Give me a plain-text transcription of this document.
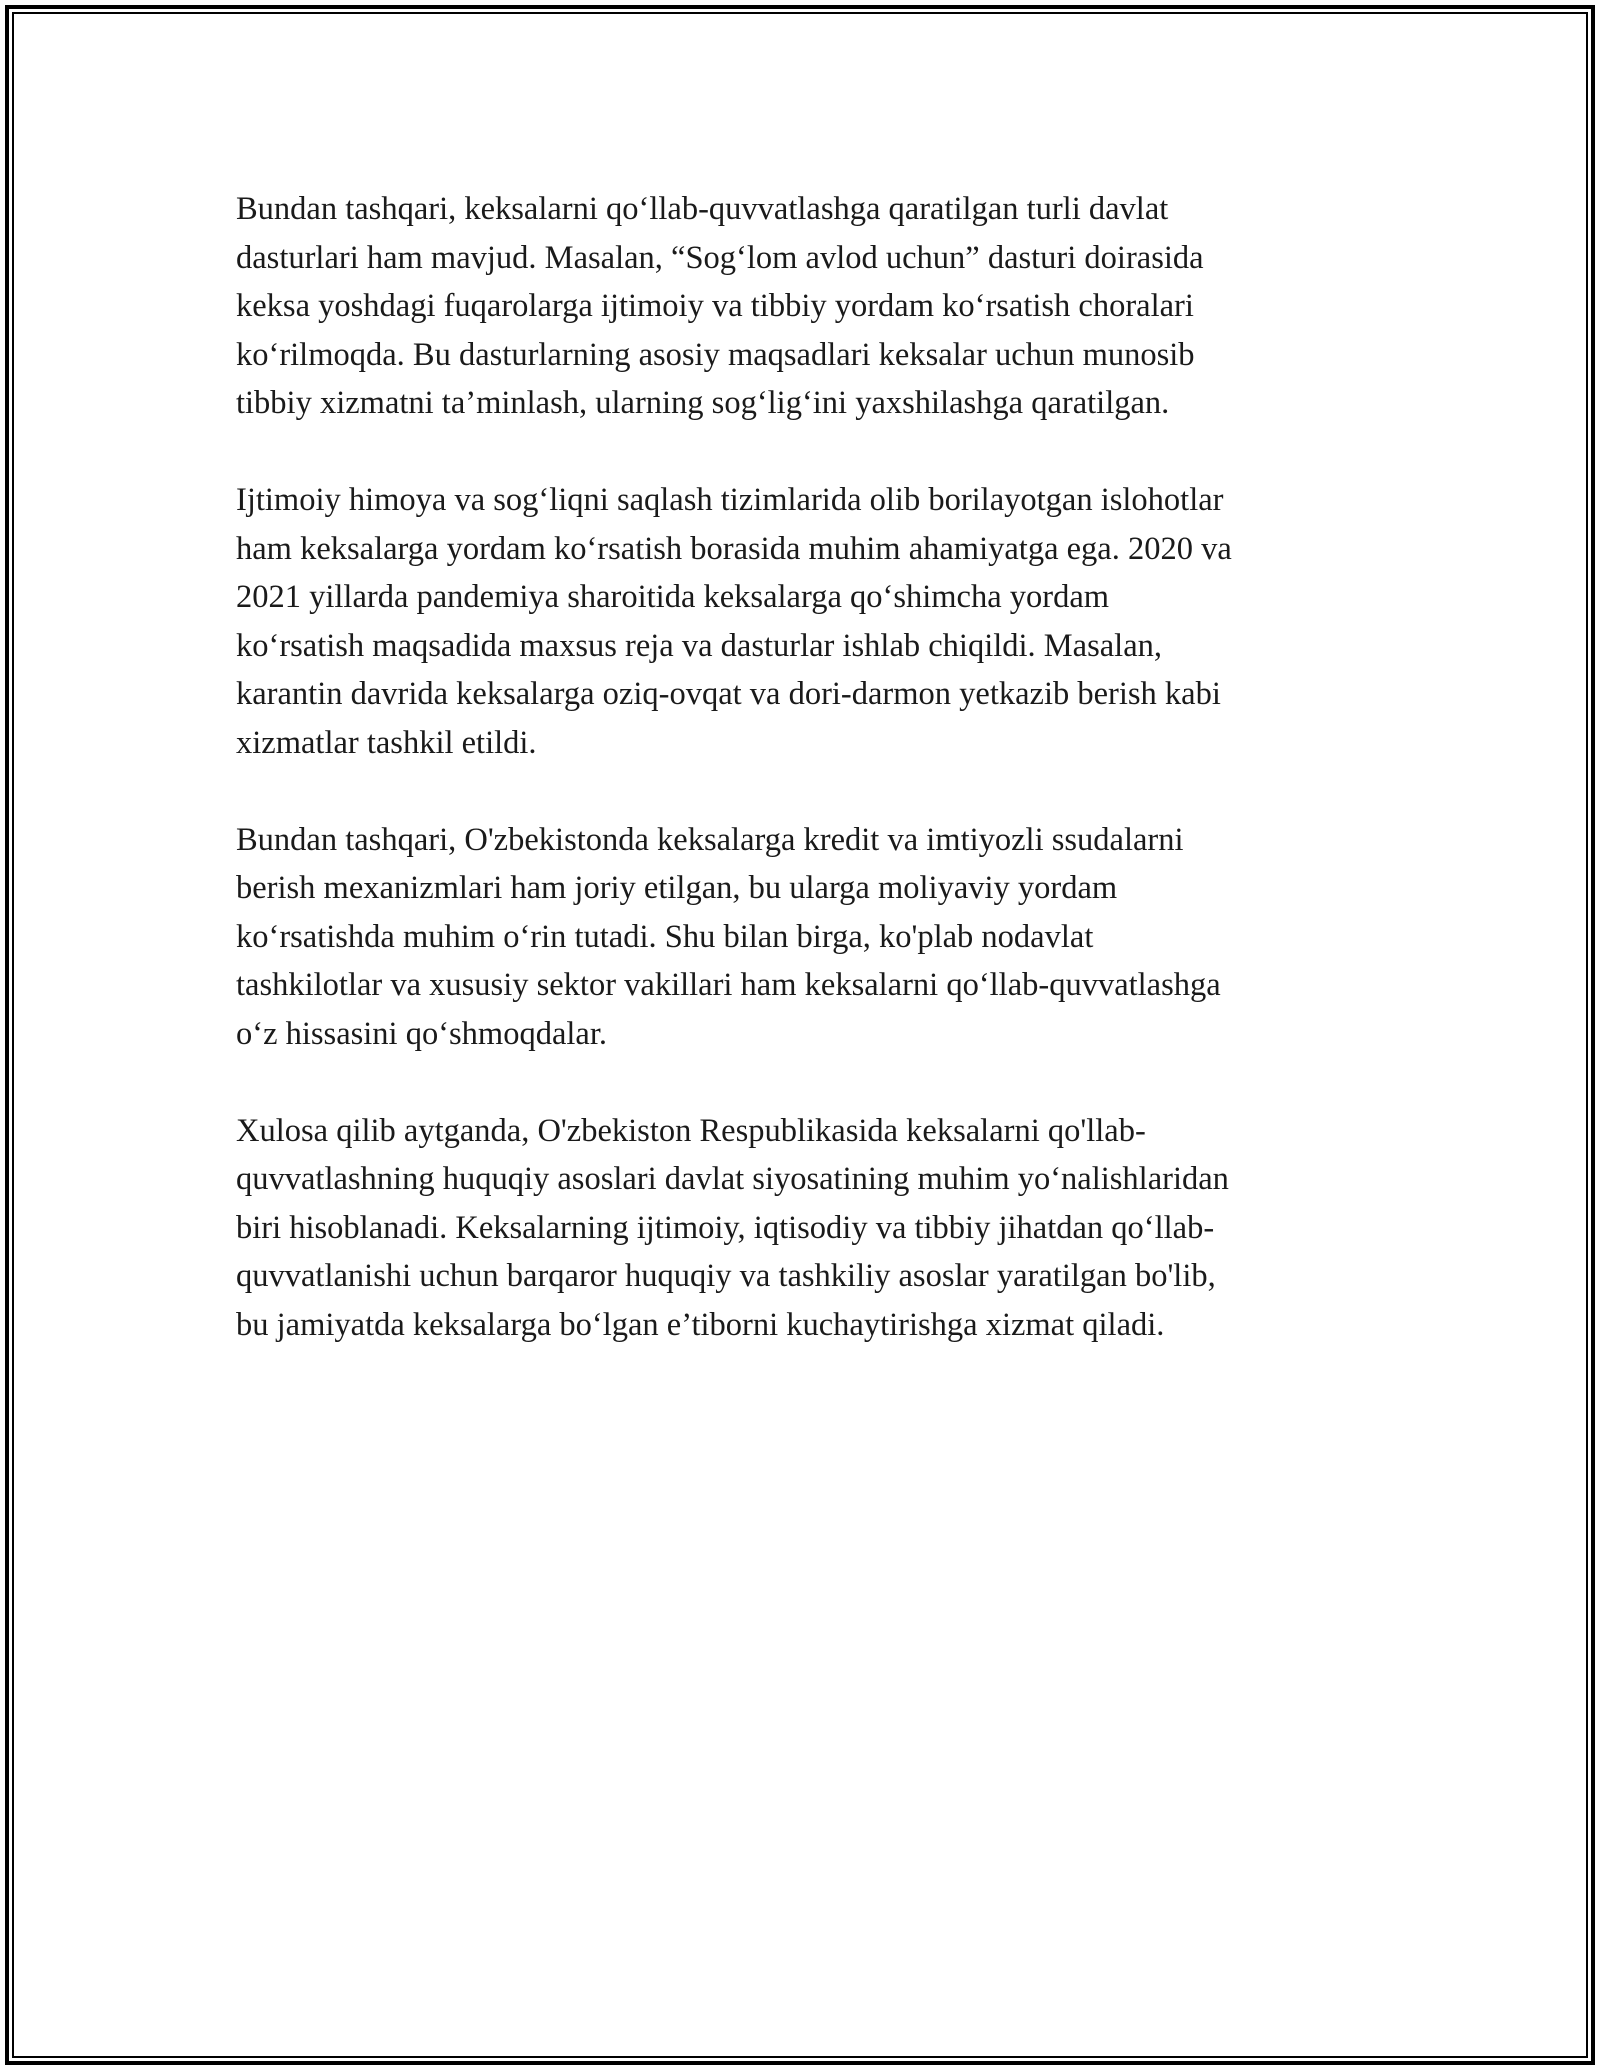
Bundan tashqari, keksalarni qo‘llab-quvvatlashga qaratilgan turli davlat
dasturlari ham mavjud. Masalan, “Sog‘lom avlod uchun” dasturi doirasida
keksa yoshdagi fuqarolarga ijtimoiy va tibbiy yordam ko‘rsatish choralari
ko‘rilmoqda. Bu dasturlarning asosiy maqsadlari keksalar uchun munosib
tibbiy xizmatni ta’minlash, ularning sog‘lig‘ini yaxshilashga qaratilgan.

Ijtimoiy himoya va sog‘liqni saqlash tizimlarida olib borilayotgan islohotlar
ham keksalarga yordam ko‘rsatish borasida muhim ahamiyatga ega. 2020 va
2021 yillarda pandemiya sharoitida keksalarga qo‘shimcha yordam
ko‘rsatish maqsadida maxsus reja va dasturlar ishlab chiqildi. Masalan,
karantin davrida keksalarga oziq-ovqat va dori-darmon yetkazib berish kabi
xizmatlar tashkil etildi.

Bundan tashqari, O'zbekistonda keksalarga kredit va imtiyozli ssudalarni
berish mexanizmlari ham joriy etilgan, bu ularga moliyaviy yordam
ko‘rsatishda muhim o‘rin tutadi. Shu bilan birga, ko'plab nodavlat
tashkilotlar va xususiy sektor vakillari ham keksalarni qo‘llab-quvvatlashga
o‘z hissasini qo‘shmoqdalar.

Xulosa qilib aytganda, O'zbekiston Respublikasida keksalarni qo'llab-
quvvatlashning huquqiy asoslari davlat siyosatining muhim yo‘nalishlaridan
biri hisoblanadi. Keksalarning ijtimoiy, iqtisodiy va tibbiy jihatdan qo‘llab-
quvvatlanishi uchun barqaror huquqiy va tashkiliy asoslar yaratilgan bo'lib,
bu jamiyatda keksalarga bo‘lgan e’tiborni kuchaytirishga xizmat qiladi.
